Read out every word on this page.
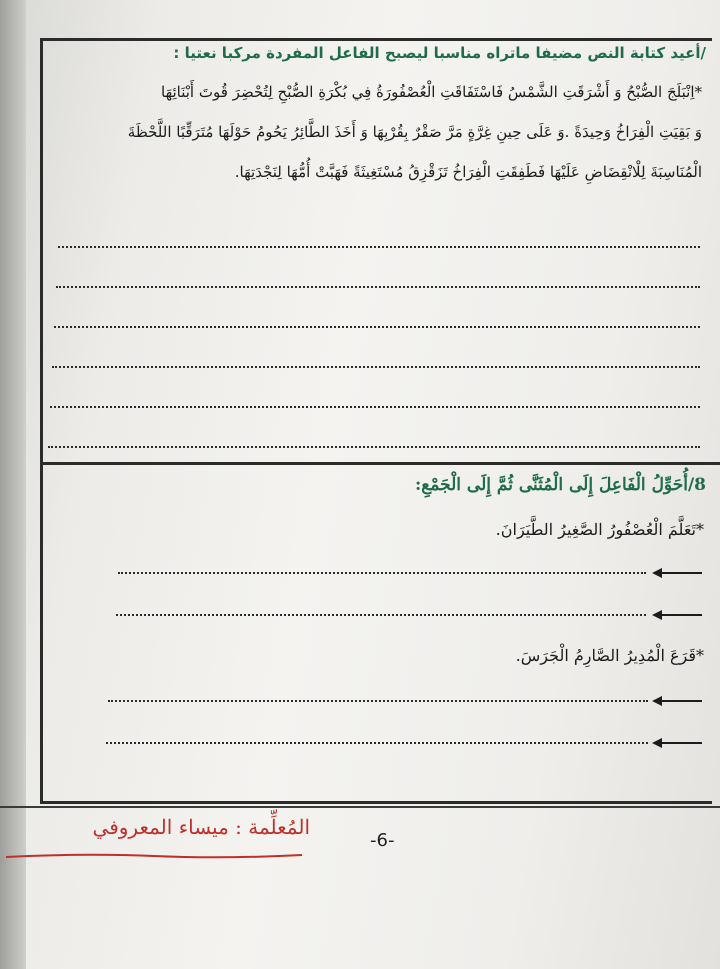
/أعيد كتابة النص مضيفا ماتراه مناسبا ليصبح الفاعل المفردة مركبا نعتيا :
*اِنْبَلَجَ الصُّبْحُ وَ أَشْرَقَتِ الشَّمْسُ فَاسْتَفَاقَتِ الْعُصْفُورَةُ فِي بُكْرَةِ الصُّبْحِ لِتُحْضِرَ قُوتَ أَبْنَائِهَا
وَ بَقِيَتِ الْفِرَاخُ وَحِيدَةً .وَ عَلَى حِينِ غِرَّةٍ مَرَّ صَقْرٌ بِقُرْبِهَا وَ أَخَذَ الطَّائِرُ يَحُومُ حَوْلَهَا مُتَرَقِّبًا اللَّحْظَةَ
الْمُنَاسِبَةَ لِلْانْقِضَاضِ عَلَيْهَا فَطَفِقَتِ الْفِرَاخُ تَزَقْزِقُ مُسْتَغِيثَةً فَهَبَّتْ أُمُّهَا لِنَجْدَتِهَا.
8/أُحَوِّلُ الْفَاعِلَ إِلَى الْمُثَنَّى ثُمَّ إِلَى الْجَمْعِ:
*تَعَلَّمَ الْعُصْفُورُ الصَّغِيرُ الطَّيَرَانَ.
*قَرَعَ الْمُدِيرُ الصَّارِمُ الْجَرَسَ.
المُعلِّمة : ميساء المعروفي
-6-
